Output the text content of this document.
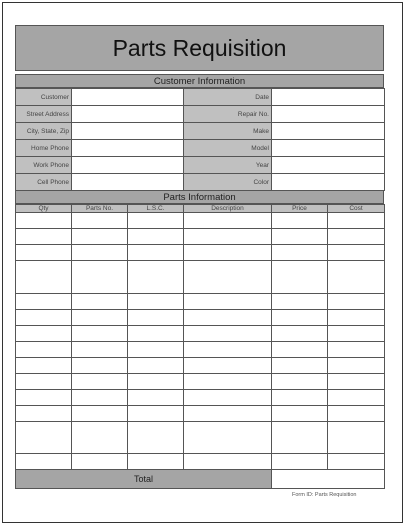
Parts Requisition
Customer Information
Customer		Date	
Street Address		Repair No.	
City, State, Zip		Make	
Home Phone		Model	
Work Phone		Year	
Cell Phone		Color	
Parts Information
Qty	Parts No.	L.S.C.	Description	Price	Cost

Total					
Form ID: Parts Requisition
